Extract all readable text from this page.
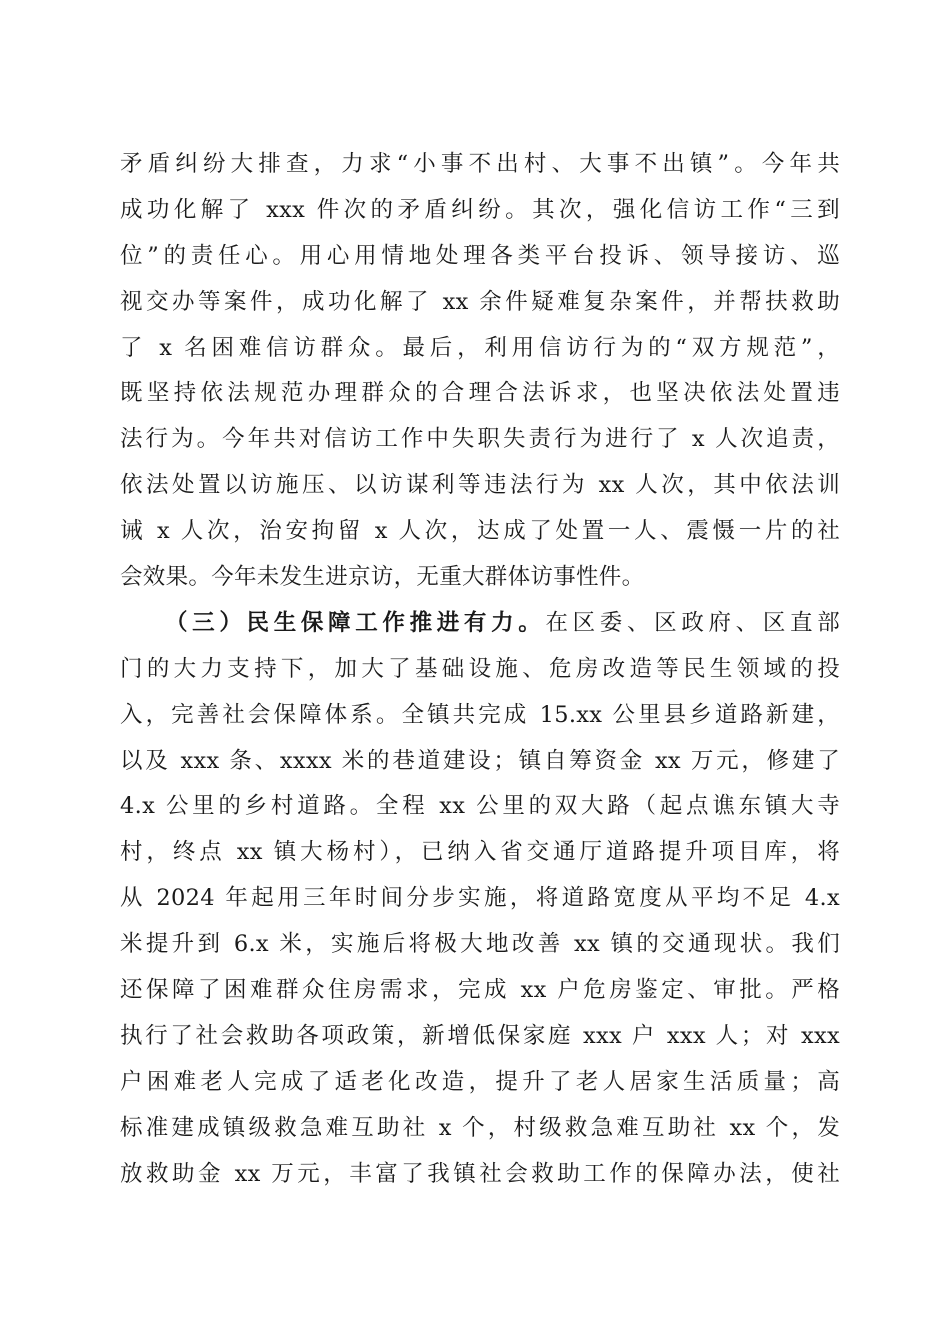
矛盾纠纷大排查，力求“小事不出村、大事不出镇”。今年共
成功化解了 xxx 件次的矛盾纠纷。其次，强化信访工作“三到
位”的责任心。用心用情地处理各类平台投诉、领导接访、巡
视交办等案件，成功化解了 xx 余件疑难复杂案件，并帮扶救助
了 x 名困难信访群众。最后，利用信访行为的“双方规范”，
既坚持依法规范办理群众的合理合法诉求，也坚决依法处置违
法行为。今年共对信访工作中失职失责行为进行了 x 人次追责，
依法处置以访施压、以访谋利等违法行为 xx 人次，其中依法训
诫 x 人次，治安拘留 x 人次，达成了处置一人、震慑一片的社
会效果。今年未发生进京访，无重大群体访事性件。
（三）民生保障工作推进有力。在区委、区政府、区直部
门的大力支持下，加大了基础设施、危房改造等民生领域的投
入，完善社会保障体系。全镇共完成 15.xx 公里县乡道路新建，
以及 xxx 条、xxxx 米的巷道建设；镇自筹资金 xx 万元，修建了
4.x 公里的乡村道路。全程 xx 公里的双大路（起点谯东镇大寺
村，终点 xx 镇大杨村），已纳入省交通厅道路提升项目库，将
从 2024 年起用三年时间分步实施，将道路宽度从平均不足 4.x
米提升到 6.x 米，实施后将极大地改善 xx 镇的交通现状。我们
还保障了困难群众住房需求，完成 xx 户危房鉴定、审批。严格
执行了社会救助各项政策，新增低保家庭 xxx 户 xxx 人；对 xxx
户困难老人完成了适老化改造，提升了老人居家生活质量；高
标准建成镇级救急难互助社 x 个，村级救急难互助社 xx 个，发
放救助金 xx 万元，丰富了我镇社会救助工作的保障办法，使社
